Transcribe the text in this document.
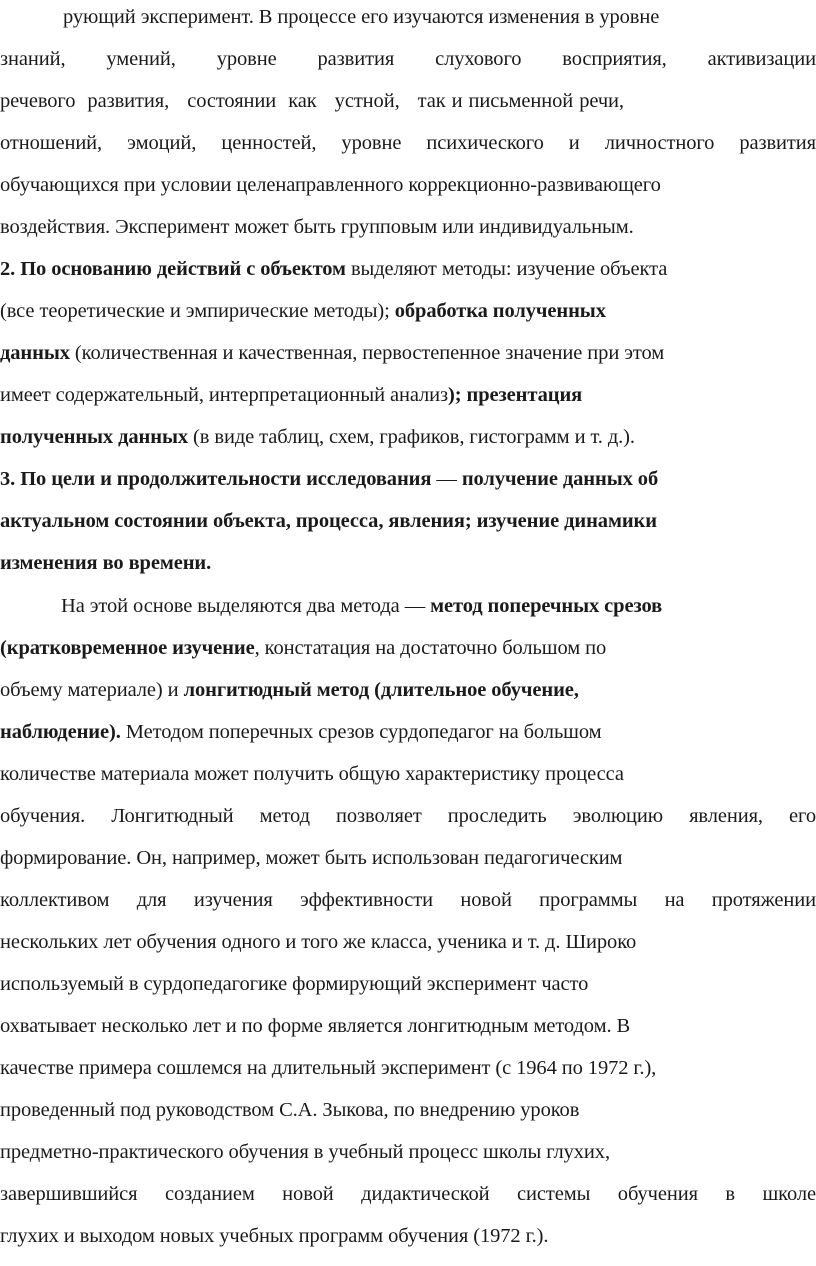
рующий эксперимент. В процессе его изучаются изменения в уровне
знаний, умений, уровне развития слухового восприятия, активизации
речевого  развития,   состоянии  как   устной,   так и письменной речи,
отношений, эмоций, ценностей, уровне психического и личностного развития
обучающихся при условии целенаправленного коррекционно-развивающего
воздействия. Эксперимент может быть групповым или индивидуальным.
2. По основанию действий с объектом выделяют методы: изучение объекта
(все теоретические и эмпирические методы); обработка полученных
данных (количественная и качественная, первостепенное значение при этом
имеет содержательный, интерпретационный анализ); презентация
полученных данных (в виде таблиц, схем, графиков, гистограмм и т. д.).
3. По цели и продолжительности исследования — получение данных об
актуальном состоянии объекта, процесса, явления; изучение динамики
изменения во времени.
На этой основе выделяются два метода — метод поперечных срезов
(кратковременное изучение, констатация на достаточно большом по
объему материале) и лонгитюдный метод (длительное обучение,
наблюдение). Методом поперечных срезов сурдопедагог на большом
количестве материала может получить общую характеристику процесса
обучения. Лонгитюдный метод позволяет проследить эволюцию явления, его
формирование. Он, например, может быть использован педагогическим
коллективом для изучения эффективности новой программы на протяжении
нескольких лет обучения одного и того же класса, ученика и т. д. Широко
используемый в сурдопедагогике формирующий эксперимент часто
охватывает несколько лет и по форме является лонгитюдным методом. В
качестве примера сошлемся на длительный эксперимент (с 1964 по 1972 г.),
проведенный под руководством С.А. Зыкова, по внедрению уроков
предметно-практического обучения в учебный процесс школы глухих,
завершившийся созданием новой дидактической системы обучения в школе
глухих и выходом новых учебных программ обучения (1972 г.).
